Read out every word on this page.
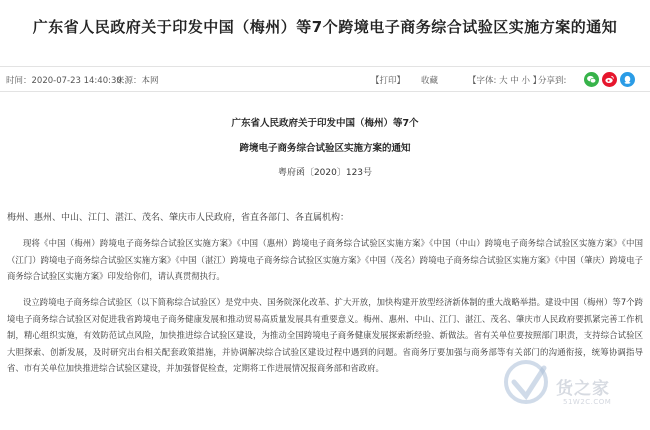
广东省人民政府关于印发中国（梅州）等7个跨境电子商务综合试验区实施方案的通知
时间：2020-07-23 14:40:30
来源：本网	【打印】 收藏	【字体: 大 中 小 】
分享到:
广东省人民政府关于印发中国（梅州）等7个
跨境电子商务综合试验区实施方案的通知
粤府函〔2020〕123号
梅州、惠州、中山、江门、湛江、茂名、肇庆市人民政府，省直各部门、各直属机构：

现将《中国（梅州）跨境电子商务综合试验区实施方案》《中国（惠州）跨境电子商务综合试验区实施方案》《中国（中山）跨境电子商务综合试验区实施方案》《中国（江门）跨境电子商务综合试验区实施方案》《中国（湛江）跨境电子商务综合试验区实施方案》《中国（茂名）跨境电子商务综合试验区实施方案》《中国（肇庆）跨境电子商务综合试验区实施方案》印发给你们，请认真贯彻执行。

设立跨境电子商务综合试验区（以下简称综合试验区）是党中央、国务院深化改革、扩大开放，加快构建开放型经济新体制的重大战略举措。建设中国（梅州）等7个跨境电子商务综合试验区对促进我省跨境电子商务健康发展和推动贸易高质量发展具有重要意义。梅州、惠州、中山、江门、湛江、茂名、肇庆市人民政府要抓紧完善工作机制，精心组织实施，有效防范试点风险，加快推进综合试验区建设，为推动全国跨境电子商务健康发展探索新经验、新做法。省有关单位要按照部门职责，支持综合试验区大胆探索、创新发展，及时研究出台相关配套政策措施，并协调解决综合试验区建设过程中遇到的问题。省商务厅要加强与商务部等有关部门的沟通衔接，统筹协调指导省、市有关单位加快推进综合试验区建设，并加强督促检查，定期将工作进展情况报商务部和省政府。

货之家
51W2C.COM
